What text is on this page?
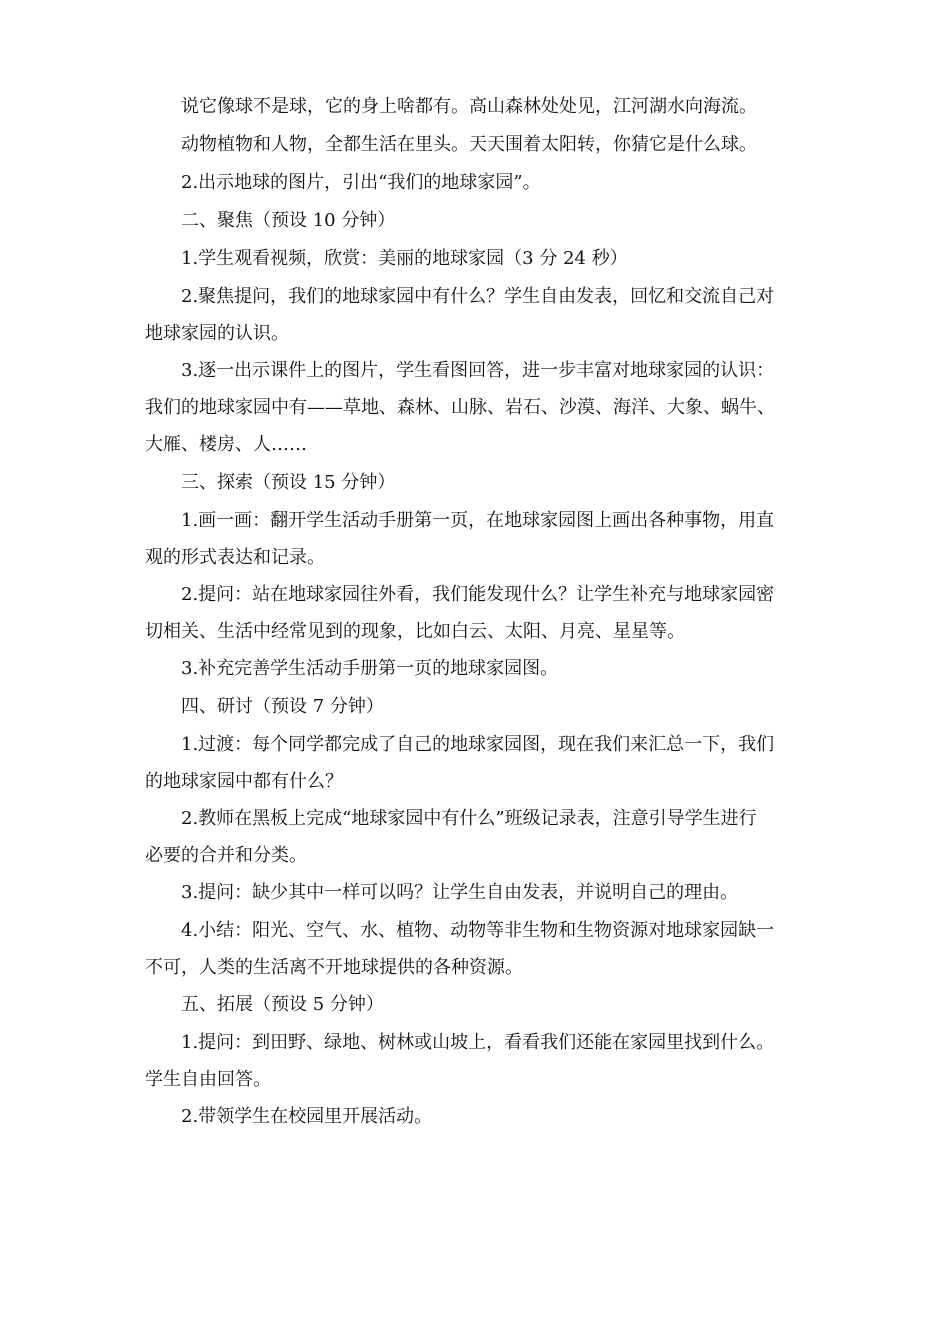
说它像球不是球，它的身上啥都有。高山森林处处见，江河湖水向海流。
动物植物和人物，全都生活在里头。天天围着太阳转，你猜它是什么球。
2.出示地球的图片，引出“我们的地球家园”。
二、聚焦（预设 10 分钟）
1.学生观看视频，欣赏：美丽的地球家园（3 分 24 秒）
2.聚焦提问，我们的地球家园中有什么？学生自由发表，回忆和交流自己对
地球家园的认识。
3.逐一出示课件上的图片，学生看图回答，进一步丰富对地球家园的认识：
我们的地球家园中有——草地、森林、山脉、岩石、沙漠、海洋、大象、蜗牛、
大雁、楼房、人……
三、探索（预设 15 分钟）
1.画一画：翻开学生活动手册第一页，在地球家园图上画出各种事物，用直
观的形式表达和记录。
2.提问：站在地球家园往外看，我们能发现什么？让学生补充与地球家园密
切相关、生活中经常见到的现象，比如白云、太阳、月亮、星星等。
3.补充完善学生活动手册第一页的地球家园图。
四、研讨（预设 7 分钟）
1.过渡：每个同学都完成了自己的地球家园图，现在我们来汇总一下，我们
的地球家园中都有什么？
2.教师在黑板上完成“地球家园中有什么”班级记录表，注意引导学生进行
必要的合并和分类。
3.提问：缺少其中一样可以吗？让学生自由发表，并说明自己的理由。
4.小结：阳光、空气、水、植物、动物等非生物和生物资源对地球家园缺一
不可，人类的生活离不开地球提供的各种资源。
五、拓展（预设 5 分钟）
1.提问：到田野、绿地、树林或山坡上，看看我们还能在家园里找到什么。
学生自由回答。
2.带领学生在校园里开展活动。
